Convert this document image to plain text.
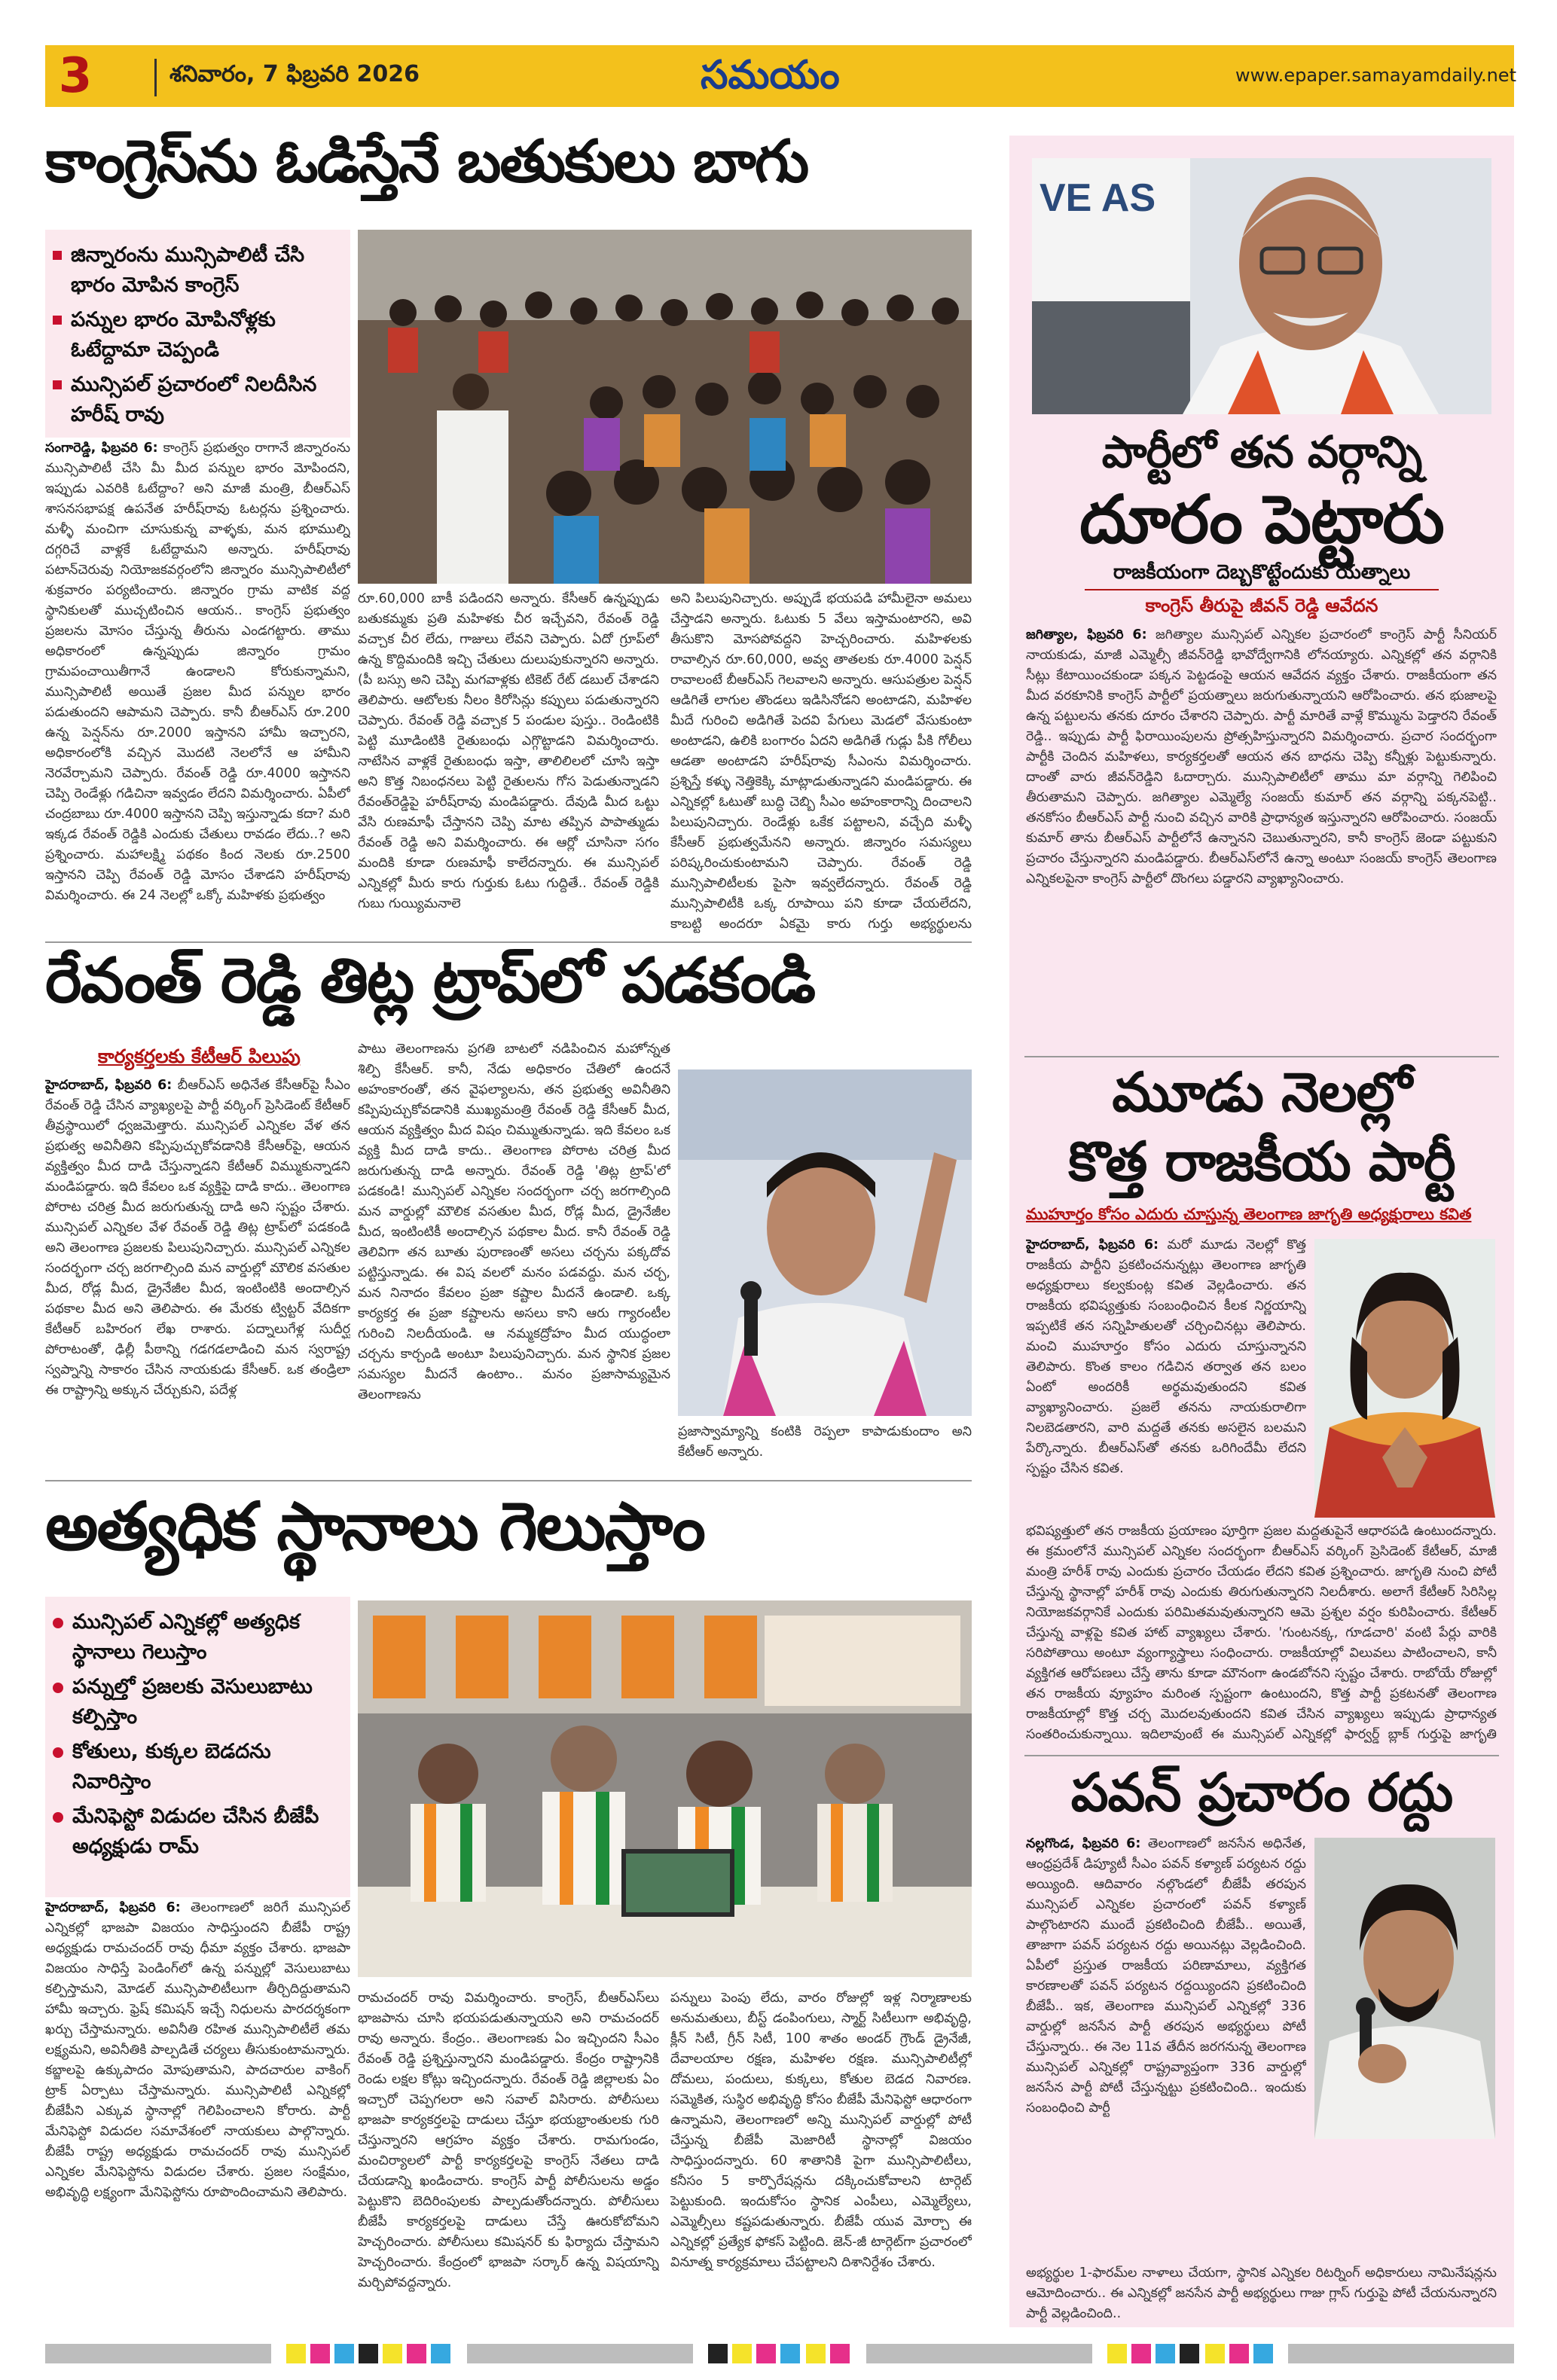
3	శనివారం, 7 ఫిబ్రవరి 2026	సమయం	www.epaper.samayamdaily.net
కాంగ్రెస్‌ను ఓడిస్తేనే బతుకులు బాగు
జిన్నారంను మున్సిపాలిటీ చేసి భారం మోపిన కాంగ్రెస్
పన్నుల భారం మోపినోళ్లకు ఓటేద్దామా చెప్పండి
మున్సిపల్ ప్రచారంలో నిలదీసిన హరీష్ రావు
సంగారెడ్డి, ఫిబ్రవరి 6: కాంగ్రెస్ ప్రభుత్వం రాగానే జిన్నారంను మున్సిపాలిటీ చేసి మీ మీద పన్నుల భారం మోపిందని, ఇప్పుడు ఎవరికి ఓటేద్దాం? అని మాజీ మంత్రి, బీఆర్ఎస్ శాసనసభాపక్ష ఉపనేత హరీష్‌రావు ఓటర్లను ప్రశ్నించారు. మళ్ళీ మంచిగా చూసుకున్న వాళ్ళకు, మన భూముల్ని దగ్గరిచే వాళ్లకే ఓటేద్దామని అన్నారు. హరీష్‌రావు పటాన్‌చెరువు నియోజకవర్గంలోని జిన్నారం మున్సిపాలిటీలో శుక్రవారం పర్యటించారు. జిన్నారం గ్రామ వాటిక వద్ద స్థానికులతో ముచ్చటించిన ఆయన.. కాంగ్రెస్ ప్రభుత్వం ప్రజలను మోసం చేస్తున్న తీరును ఎండగట్టారు. తాము అధికారంలో ఉన్నప్పుడు జిన్నారం గ్రామం గ్రామపంచాయితీగానే ఉండాలని కోరుకున్నామని, మున్సిపాలిటీ అయితే ప్రజల మీద పన్నుల భారం పడుతుందని ఆపామని చెప్పారు. కానీ బీఆర్ఎస్ రూ.200 ఉన్న పెన్షన్‌ను రూ.2000 ఇస్తానని హామీ ఇచ్చారని, అధికారంలోకి వచ్చిన మొదటి నెలలోనే ఆ హామీని నెరవేర్చామని చెప్పారు. రేవంత్ రెడ్డి రూ.4000 ఇస్తానని చెప్పి రెండేళ్లు గడిచినా ఇవ్వడం లేదని విమర్శించారు. ఏపీలో చంద్రబాబు రూ.4000 ఇస్తానని చెప్పి ఇస్తున్నాడు కదా? మరి ఇక్కడ రేవంత్ రెడ్డికి ఎందుకు చేతులు రావడం లేదు..? అని ప్రశ్నించారు. మహాలక్ష్మి పథకం కింద నెలకు రూ.2500 ఇస్తానని చెప్పి రేవంత్ రెడ్డి మోసం చేశాడని హరీష్‌రావు విమర్శించారు. ఈ 24 నెలల్లో ఒక్కో మహిళకు ప్రభుత్వం
రూ.60,000 బాకీ పడిందని అన్నారు. కేసీఆర్ ఉన్నప్పుడు బతుకమ్మకు ప్రతి మహిళకు చీర ఇచ్చేవని, రేవంత్ రెడ్డి వచ్చాక చీర లేదు, గాజులు లేవని చెప్పారు. ఏదో గ్రూప్‌లో ఉన్న కొద్దిమందికి ఇచ్చి చేతులు దులుపుకున్నారని అన్నారు. (పీ బస్సు అని చెప్పి మగవాళ్లకు టికెట్ రేట్ డబుల్ చేశాడని తెలిపారు. ఆటోలకు నీలం కిరోసిన్లు కప్పులు పడుతున్నారని చెప్పారు. రేవంత్ రెడ్డి వచ్చాక 5 పండుల పుస్తు.. రెండింటికి పెట్టి మూడింటికి రైతుబంధు ఎగ్గొట్టాడని విమర్శించారు. నాటేసిన వాళ్లకే రైతుబంధు ఇస్తా, తాలిలిలలో చూసి ఇస్తా అని కొత్త నిబంధనలు పెట్టి రైతులను గోస పెడుతున్నాడని రేవంత్‌రెడ్డిపై హరీష్‌రావు మండిపడ్డారు. దేవుడి మీద ఒట్టు వేసి రుణమాఫీ చేస్తానని చెప్పి మాట తప్పిన పాపాత్ముడు రేవంత్ రెడ్డి అని విమర్శించారు. ఈ ఆర్లో చూసినా సగం మందికి కూడా రుణమాఫీ కాలేదన్నారు. ఈ మున్సిపల్ ఎన్నికల్లో మీరు కారు గుర్తుకు ఓటు గుద్దితే.. రేవంత్ రెడ్డికి గుబు గుయ్యిమనాలె
అని పిలుపునిచ్చారు. అప్పుడే భయపడి హామీలైనా అమలు చేస్తాడని అన్నారు. ఓటుకు 5 వేలు ఇస్తామంటారని, అవి తీసుకొని మోసపోవద్దని హెచ్చరించారు. మహిళలకు రావాల్సిన రూ.60,000, అవ్వ తాతలకు రూ.4000 పెన్షన్ రావాలంటే బీఆర్ఎస్ గెలవాలని అన్నారు. ఆసుపత్రుల పెన్షన్ ఆడిగితే లాగుల తొండలు ఇడిసినోడని అంటాడని, మహిళల మీదే గురించి అడిగితే పెదవి పేగులు మెడలో వేసుకుంటా అంటాడని, ఉలికి బంగారం ఏదని అడిగితే గుడ్లు పీకి గోలీలు ఆడతా అంటాడని హరీష్‌రావు సీఎంను విమర్శించారు. ప్రశ్నిస్తే కళ్ళు నెత్తికెక్కి మాట్లాడుతున్నాడని మండిపడ్డారు. ఈ ఎన్నికల్లో ఓటుతో బుద్ధి చెబ్బి సీఎం అహంకారాన్ని దించాలని పిలుపునిచ్చారు. రెండేళ్లు ఒకేక పట్టాలని, వచ్చేది మళ్ళీ కేసీఆర్ ప్రభుత్వమేనని అన్నారు. జిన్నారం సమస్యలు పరిష్కరించుకుంటామని చెప్పారు. రేవంత్ రెడ్డి మున్సిపాలిటీలకు పైసా ఇవ్వలేదన్నారు. రేవంత్ రెడ్డి మున్సిపాలిటీకి ఒక్క రూపాయి పని కూడా చేయలేదని, కాబట్టి అందరూ ఏకమై కారు గుర్తు అభ్యర్థులను
రేవంత్ రెడ్డి తిట్ల ట్రాప్‌లో పడకండి
కార్యకర్తలకు కేటీఆర్ పిలుపు
హైదరాబాద్, ఫిబ్రవరి 6: బీఆర్ఎస్ అధినేత కేసీఆర్‌పై సీఎం రేవంత్ రెడ్డి చేసిన వ్యాఖ్యలపై పార్టీ వర్కింగ్ ప్రెసిడెంట్ కేటీఆర్ తీవ్రస్థాయిలో ధ్వజమెత్తారు. మున్సిపల్ ఎన్నికల వేళ తన ప్రభుత్వ అవినీతిని కప్పిపుచ్చుకోవడానికి కేసీఆర్‌పై, ఆయన వ్యక్తిత్వం మీద దాడి చేస్తున్నాడని కేటీఆర్ విమ్ముకున్నాడని మండిపడ్డారు. ఇది కేవలం ఒక వ్యక్తిపై దాడి కాదు.. తెలంగాణ పోరాట చరిత్ర మీద జరుగుతున్న దాడి అని స్పష్టం చేశారు. మున్సిపల్ ఎన్నికల వేళ రేవంత్ రెడ్డి తిట్ల ట్రాప్‌లో పడకండి అని తెలంగాణ ప్రజలకు పిలుపునిచ్చారు. మున్సిపల్ ఎన్నికల సందర్భంగా చర్చ జరగాల్సింది మన వార్డుల్లో మౌలిక వసతుల మీద, రోడ్ల మీద, డ్రైనేజీల మీద, ఇంటింటికి అందాల్సిన పథకాల మీద అని తెలిపారు. ఈ మేరకు ట్విట్టర్ వేదికగా కేటీఆర్ బహిరంగ లేఖ రాశారు. పద్నాలుగేళ్ల సుదీర్ఘ పోరాటంతో, ఢిల్లీ పీఠాన్ని గడగడలాడించి మన స్వరాష్ట్ర స్వప్నాన్ని సాకారం చేసిన నాయకుడు కేసీఆర్. ఒక తండ్రిలా ఈ రాష్ట్రాన్ని అక్కున చేర్చుకుని, పదేళ్ల
పాటు తెలంగాణను ప్రగతి బాటలో నడిపించిన మహోన్నత శిల్పి కేసీఆర్. కానీ, నేడు అధికారం చేతిలో ఉందనే అహంకారంతో, తన వైఫల్యాలను, తన ప్రభుత్వ అవినీతిని కప్పిపుచ్చుకోవడానికి ముఖ్యమంత్రి రేవంత్ రెడ్డి కేసీఆర్ మీద, ఆయన వ్యక్తిత్వం మీద విషం చిమ్ముతున్నాడు. ఇది కేవలం ఒక వ్యక్తి మీద దాడి కాదు.. తెలంగాణ పోరాట చరిత్ర మీద జరుగుతున్న దాడి అన్నారు. రేవంత్ రెడ్డి 'తిట్ల ట్రాప్'లో పడకండి! మున్సిపల్ ఎన్నికల సందర్భంగా చర్చ జరగాల్సింది మన వార్డుల్లో మౌలిక వసతుల మీద, రోడ్ల మీద, డ్రైనేజీల మీద, ఇంటింటికీ అందాల్సిన పథకాల మీద. కానీ రేవంత్ రెడ్డి తెలివిగా తన బూతు పురాణంతో అసలు చర్చను పక్కదోవ పట్టిస్తున్నాడు. ఈ విష వలలో మనం పడవద్దు. మన చర్చ, మన నినాదం కేవలం ప్రజా కష్టాల మీదనే ఉండాలి. ఒక్క కార్యకర్త ఈ ప్రజా కష్టాలను అసలు కాని ఆరు గ్యారంటీల గురించి నిలదీయండి. ఆ నమ్మకద్రోహం మీద యుద్ధంలా చర్చను కార్చండి అంటూ పిలుపునిచ్చారు. మన స్థానిక ప్రజల సమస్యల మీదనే ఉంటాం.. మనం ప్రజాసామ్యమైన తెలంగాణను
ప్రజాస్వామ్యాన్ని కంటికి రెప్పలా కాపాడుకుందాం అని కేటీఆర్ అన్నారు.
అత్యధిక స్థానాలు గెలుస్తాం
మున్సిపల్ ఎన్నికల్లో అత్యధిక స్థానాలు గెలుస్తాం
పన్నుల్తో ప్రజలకు వెసులుబాటు కల్పిస్తాం
కోతులు, కుక్కల బెడదను నివారిస్తాం
మేనిఫెస్టో విడుదల చేసిన బీజేపీ అధ్యక్షుడు రామ్
హైదరాబాద్, ఫిబ్రవరి 6: తెలంగాణలో జరిగే మున్సిపల్ ఎన్నికల్లో భాజపా విజయం సాధిస్తుందని బీజేపీ రాష్ట్ర అధ్యక్షుడు రామచందర్ రావు ధీమా వ్యక్తం చేశారు. భాజపా విజయం సాధిస్తే పెండింగ్‌లో ఉన్న పన్నుల్లో వెసులుబాటు కల్పిస్తామని, మోడల్ మున్సిపాలిటీలుగా తీర్చిదిద్దుతామని హామీ ఇచ్చారు. ఫ్రెష్ కమిషన్ ఇచ్చే నిధులను పారదర్శకంగా ఖర్చు చేస్తామన్నారు. అవినీతి రహిత మున్సిపాలిటీలే తమ లక్ష్యమని, అవినీతికి పాల్పడితే చర్యలు తీసుకుంటామన్నారు. కబ్జాలపై ఉక్కుపాదం మోపుతామని, పాదచారుల వాకింగ్ ట్రాక్ ఏర్పాటు చేస్తామన్నారు. మున్సిపాలిటీ ఎన్నికల్లో బీజేపీని ఎక్కువ స్థానాల్లో గెలిపించాలని కోరారు. పార్టీ మేనిఫెస్టో విడుదల సమావేశంలో నాయకులు పాల్గొన్నారు. బీజేపీ రాష్ట్ర అధ్యక్షుడు రామచందర్ రావు మున్సిపల్ ఎన్నికల మేనిఫెస్టోను విడుదల చేశారు. ప్రజల సంక్షేమం, అభివృద్ధి లక్ష్యంగా మేనిఫెస్టోను రూపొందించామని తెలిపారు.
రామచందర్ రావు విమర్శించారు. కాంగ్రెస్, బీఆర్ఎస్‌లు భాజపాను చూసి భయపడుతున్నాయని అని రామచందర్ రావు అన్నారు. కేంద్రం.. తెలంగాణకు ఏం ఇచ్చిందని సీఎం రేవంత్ రెడ్డి ప్రశ్నిస్తున్నారని మండిపడ్డారు. కేంద్రం రాష్ట్రానికి రెండు లక్షల కోట్లు ఇచ్చిందన్నారు. రేవంత్ రెడ్డి జిల్లాలకు ఏం ఇచ్చారో చెప్పగలరా అని సవాల్ విసిరారు. పోలీసులు భాజపా కార్యకర్తలపై దాడులు చేస్తూ భయభ్రాంతులకు గురి చేస్తున్నారని ఆగ్రహం వ్యక్తం చేశారు. రామగుండం, మంచిర్యాలలో పార్టీ కార్యకర్తలపై కాంగ్రెస్ నేతలు దాడి చేయడాన్ని ఖండించారు. కాంగ్రెస్ పార్టీ పోలీసులను అడ్డం పెట్టుకొని బెదిరింపులకు పాల్పడుతోందన్నారు. పోలీసులు బీజేపీ కార్యకర్తలపై దాడులు చేస్తే ఊరుకోబోమని హెచ్చరించారు. పోలీసులు కమిషనర్ కు ఫిర్యాదు చేస్తామని హెచ్చరించారు. కేంద్రంలో భాజపా సర్కార్ ఉన్న విషయాన్ని మర్చిపోవద్దన్నారు.
పన్నులు పెంపు లేదు, వారం రోజుల్లో ఇళ్ల నిర్మాణాలకు అనుమతులు, బీస్ట్ డంపింగులు, స్మార్ట్ సిటీలుగా అభివృద్ధి, క్లీన్ సిటీ, గ్రీన్ సిటీ, 100 శాతం అండర్ గ్రౌండ్ డ్రైనేజీ, దేవాలయాల రక్షణ, మహిళల రక్షణ. మున్సిపాలిటీల్లో దోమలు, పందులు, కుక్కలు, కోతుల బెడద నివారణ. సమ్మెకిత, సుస్థిర అభివృద్ధి కోసం బీజేపీ మేనిఫెస్టో ఆధారంగా ఉన్నామని, తెలంగాణలో అన్ని మున్సిపల్ వార్డుల్లో పోటీ చేస్తున్న బీజేపీ మెజారిటీ స్థానాల్లో విజయం సాధిస్తుందన్నారు. 60 శాతానికి పైగా మున్సిపాలిటీలు, కనీసం 5 కార్పొరేషన్లను దక్కించుకోవాలని టార్గెట్ పెట్టుకుంది. ఇందుకోసం స్థానిక ఎంపీలు, ఎమ్మెల్యేలు, ఎమ్మెల్సీలు కష్టపడుతున్నారు. బీజేపీ యువ మోర్చా ఈ ఎన్నికల్లో ప్రత్యేక ఫోకస్ పెట్టింది. జెన్-జీ టార్గెట్‌గా ప్రచారంలో వినూత్న కార్యక్రమాలు చేపట్టాలని దిశానిర్దేశం చేశారు.
VE AS
పార్టీలో తన వర్గాన్ని
దూరం పెట్టారు
రాజకీయంగా దెబ్బకొట్టేందుకు యత్నాలు
కాంగ్రెస్ తీరుపై జీవన్ రెడ్డి ఆవేదన
జగిత్యాల, ఫిబ్రవరి 6: జగిత్యాల మున్సిపల్ ఎన్నికల ప్రచారంలో కాంగ్రెస్ పార్టీ సీనియర్ నాయకుడు, మాజీ ఎమ్మెల్సీ జీవన్‌రెడ్డి భావోద్వేగానికి లోనయ్యారు. ఎన్నికల్లో తన వర్గానికి సీట్లు కేటాయించకుండా పక్కన పెట్టడంపై ఆయన ఆవేదన వ్యక్తం చేశారు. రాజకీయంగా తన మీద వరకూనికి కాంగ్రెస్ పార్టీలో ప్రయత్నాలు జరుగుతున్నాయని ఆరోపించారు. తన భుజాలపై ఉన్న పట్టులను తనకు దూరం చేశారని చెప్పారు. పార్టీ మారితే వాళ్లే కొమ్మును పెడ్తారని రేవంత్ రెడ్డి.. ఇప్పుడు పార్టీ ఫిరాయింపులను ప్రోత్సహిస్తున్నారని విమర్శించారు. ప్రచార సందర్భంగా పార్టీకి చెందిన మహిళలు, కార్యకర్తలతో ఆయన తన బాధను చెప్పి కన్నీళ్లు పెట్టుకున్నారు. దాంతో వారు జీవన్‌రెడ్డిని ఓదార్చారు. మున్సిపాలిటీలో తాము మా వర్గాన్ని గెలిపించి తీరుతామని చెప్పారు. జగిత్యాల ఎమ్మెల్యే సంజయ్ కుమార్ తన వర్గాన్ని పక్కనపెట్టి.. తనకోసం బీఆర్ఎస్ పార్టీ నుంచి వచ్చిన వారికి ప్రాధాన్యత ఇస్తున్నారని ఆరోపించారు. సంజయ్ కుమార్ తాను బీఆర్ఎస్ పార్టీలోనే ఉన్నానని చెబుతున్నారని, కానీ కాంగ్రెస్ జెండా పట్టుకుని ప్రచారం చేస్తున్నారని మండిపడ్డారు. బీఆర్ఎస్‌లోనే ఉన్నా అంటూ సంజయ్ కాంగ్రెస్ తెలంగాణ ఎన్నికలపైనా కాంగ్రెస్ పార్టీలో దొంగలు పడ్డారని వ్యాఖ్యానించారు.
మూడు నెలల్లో
కొత్త రాజకీయ పార్టీ
ముహూర్తం కోసం ఎదురు చూస్తున్న తెలంగాణ జాగృతి అధ్యక్షురాలు కవిత
హైదరాబాద్, ఫిబ్రవరి 6: మరో మూడు నెలల్లో కొత్త రాజకీయ పార్టీని ప్రకటించనున్నట్లు తెలంగాణ జాగృతి అధ్యక్షురాలు కల్వకుంట్ల కవిత వెల్లడించారు. తన రాజకీయ భవిష్యత్తుకు సంబంధించిన కీలక నిర్ణయాన్ని ఇప్పటికే తన సన్నిహితులతో చర్చించినట్లు తెలిపారు. మంచి ముహూర్తం కోసం ఎదురు చూస్తున్నానని తెలిపారు. కొంత కాలం గడిచిన తర్వాత తన బలం ఏంటో అందరికీ అర్థమవుతుందని కవిత వ్యాఖ్యానించారు. ప్రజలే తనను నాయకురాలిగా నిలబెడతారని, వారి మద్దతే తనకు అసలైన బలమని పేర్కొన్నారు. బీఆర్ఎస్‌తో తనకు ఒరిగిందేమీ లేదని స్పష్టం చేసిన కవిత.
భవిష్యత్తులో తన రాజకీయ ప్రయాణం పూర్తిగా ప్రజల మద్దతుపైనే ఆధారపడి ఉంటుందన్నారు. ఈ క్రమంలోనే మున్సిపల్ ఎన్నికల సందర్భంగా బీఆర్ఎస్ వర్కింగ్ ప్రెసిడెంట్ కేటీఆర్, మాజీ మంత్రి హరీశ్ రావు ఎందుకు ప్రచారం చేయడం లేదని కవిత ప్రశ్నించారు. జాగృతి నుంచి పోటీ చేస్తున్న స్థానాల్లో హరీశ్ రావు ఎందుకు తిరుగుతున్నారని నిలదీశారు. అలాగే కేటీఆర్ సిరిసిల్ల నియోజకవర్గానికే ఎందుకు పరిమితమవుతున్నారని ఆమె ప్రశ్నల వర్షం కురిపించారు. కేటీఆర్ చేస్తున్న వాళ్లపై కవిత హాట్ వ్యాఖ్యలు చేశారు. 'గుంటనక్క, గూడచారి' వంటి పేర్లు వారికి సరిపోతాయి అంటూ వ్యంగ్యాస్త్రాలు సంధించారు. రాజకీయాల్లో విలువలు పాటించాలని, కానీ వ్యక్తిగత ఆరోపణలు చేస్తే తాను కూడా మౌనంగా ఉండబోనని స్పష్టం చేశారు. రాబోయే రోజుల్లో తన రాజకీయ వ్యూహం మరింత స్పష్టంగా ఉంటుందని, కొత్త పార్టీ ప్రకటనతో తెలంగాణ రాజకీయాల్లో కొత్త చర్చ మొదలవుతుందని కవిత చేసిన వ్యాఖ్యలు ఇప్పుడు ప్రాధాన్యత సంతరించుకున్నాయి. ఇదిలావుంటే ఈ మున్సిపల్ ఎన్నికల్లో ఫార్వర్డ్ బ్లాక్ గుర్తుపై జాగృతి
పవన్ ప్రచారం రద్దు
నల్లగొండ, ఫిబ్రవరి 6: తెలంగాణలో జనసేన అధినేత, ఆంధ్రప్రదేశ్ డిప్యూటీ సీఎం పవన్ కళ్యాణ్ పర్యటన రద్దు అయ్యింది. ఆదివారం నల్గొండలో బీజేపీ తరపున మున్సిపల్ ఎన్నికల ప్రచారంలో పవన్ కళ్యాణ్ పాల్గొంటారని ముందే ప్రకటించింది బీజేపీ.. అయితే, తాజాగా పవన్ పర్యటన రద్దు అయినట్లు వెల్లడించింది. ఏపీలో ప్రస్తుత రాజకీయ పరిణామాలు, వ్యక్తిగత కారణాలతో పవన్ పర్యటన రద్దయ్యిందని ప్రకటించింది బీజేపీ.. ఇక, తెలంగాణ మున్సిపల్ ఎన్నికల్లో 336 వార్డుల్లో జనసేన పార్టీ తరపున అభ్యర్థులు పోటీ చేస్తున్నారు.. ఈ నెల 11వ తేదీన జరగనున్న తెలంగాణ మున్సిపల్ ఎన్నికల్లో రాష్ట్రవ్యాప్తంగా 336 వార్డుల్లో జనసేన పార్టీ పోటీ చేస్తున్నట్టు ప్రకటించింది.. ఇందుకు సంబంధించి పార్టీ
అభ్యర్థుల 1-ఫారమ్‌ల నాళాలు చేయగా, స్థానిక ఎన్నికల రిటర్నింగ్ అధికారులు నామినేషన్లను ఆమోదించారు.. ఈ ఎన్నికల్లో జనసేన పార్టీ అభ్యర్థులు గాజు గ్లాస్ గుర్తుపై పోటీ చేయనున్నారని పార్టీ వెల్లడించింది..
